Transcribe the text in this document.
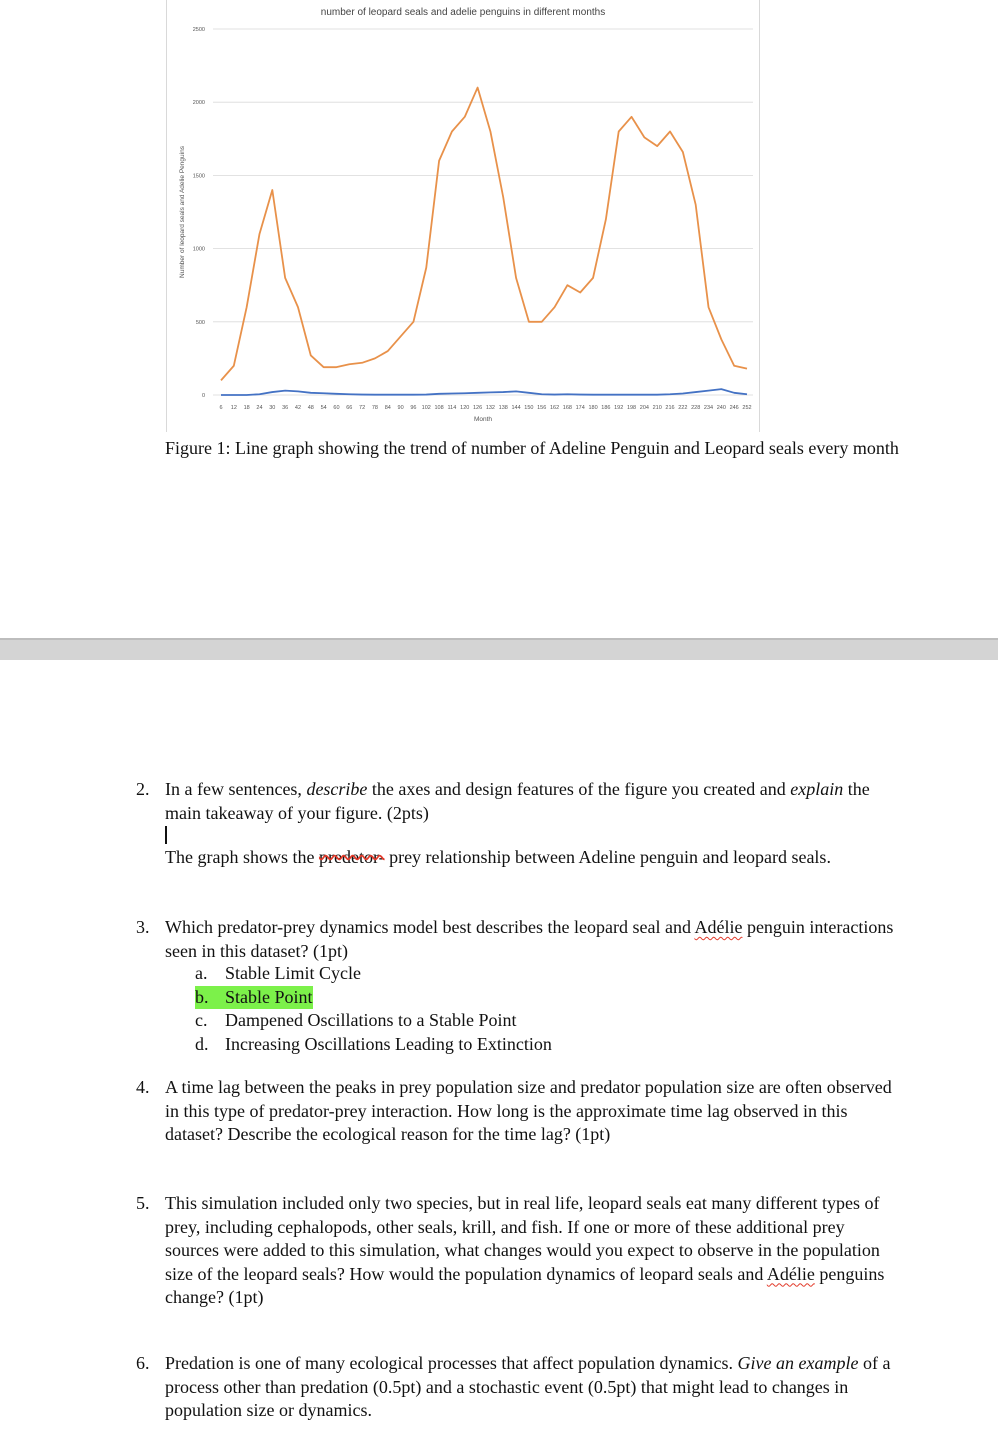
number of leopard seals and adelie penguins in different months
0
500
1000
1500
2000
2500
6 12 18 24 30 36 42 48 54 60 66 72 78 84 90 96 102 108 114 120 126 132 138 144 150 156 162 168 174 180 186 192 198 204 210 216 222 228 234 240 246 252
Month
Number of leopard seals and Adelie Penguins
Figure 1: Line graph showing the trend of number of Adeline Penguin and Leopard seals every month
2. In a few sentences, describe the axes and design features of the figure you created and explain the main takeaway of your figure. (2pts)
The graph shows the predetor- prey relationship between Adeline penguin and leopard seals.
3. Which predator-prey dynamics model best describes the leopard seal and Adélie penguin interactions seen in this dataset? (1pt)
a. Stable Limit Cycle
b. Stable Point
c. Dampened Oscillations to a Stable Point
d. Increasing Oscillations Leading to Extinction
4. A time lag between the peaks in prey population size and predator population size are often observed in this type of predator-prey interaction. How long is the approximate time lag observed in this dataset? Describe the ecological reason for the time lag? (1pt)
5. This simulation included only two species, but in real life, leopard seals eat many different types of prey, including cephalopods, other seals, krill, and fish. If one or more of these additional prey sources were added to this simulation, what changes would you expect to observe in the population size of the leopard seals? How would the population dynamics of leopard seals and Adélie penguins change? (1pt)
6. Predation is one of many ecological processes that affect population dynamics. Give an example of a process other than predation (0.5pt) and a stochastic event (0.5pt) that might lead to changes in population size or dynamics.
